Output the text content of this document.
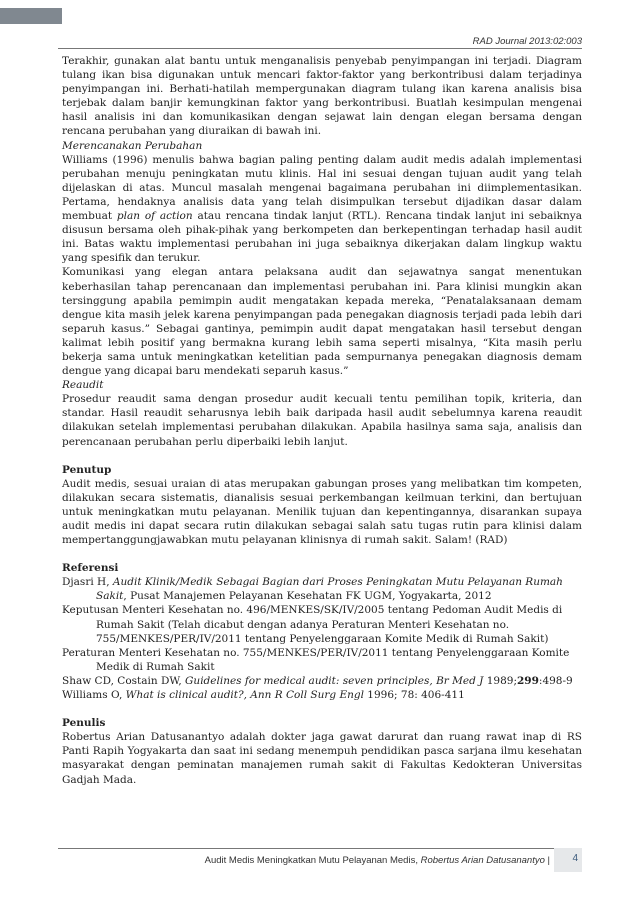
RAD Journal 2013:02:003

Terakhir, gunakan alat bantu untuk menganalisis penyebab penyimpangan ini terjadi. Diagram tulang ikan bisa digunakan untuk mencari faktor-faktor yang berkontribusi dalam terjadinya penyimpangan ini. Berhati-hatilah mempergunakan diagram tulang ikan karena analisis bisa terjebak dalam banjir kemungkinan faktor yang berkontribusi. Buatlah kesimpulan mengenai hasil analisis ini dan komunikasikan dengan sejawat lain dengan elegan bersama dengan rencana perubahan yang diuraikan di bawah ini.

Merencanakan Perubahan

Williams (1996) menulis bahwa bagian paling penting dalam audit medis adalah implementasi perubahan menuju peningkatan mutu klinis. Hal ini sesuai dengan tujuan audit yang telah dijelaskan di atas. Muncul masalah mengenai bagaimana perubahan ini diimplementasikan. Pertama, hendaknya analisis data yang telah disimpulkan tersebut dijadikan dasar dalam membuat plan of action atau rencana tindak lanjut (RTL). Rencana tindak lanjut ini sebaiknya disusun bersama oleh pihak-pihak yang berkompeten dan berkepentingan terhadap hasil audit ini. Batas waktu implementasi perubahan ini juga sebaiknya dikerjakan dalam lingkup waktu yang spesifik dan terukur.

Komunikasi yang elegan antara pelaksana audit dan sejawatnya sangat menentukan keberhasilan tahap perencanaan dan implementasi perubahan ini. Para klinisi mungkin akan tersinggung apabila pemimpin audit mengatakan kepada mereka, “Penatalaksanaan demam dengue kita masih jelek karena penyimpangan pada penegakan diagnosis terjadi pada lebih dari separuh kasus.” Sebagai gantinya, pemimpin audit dapat mengatakan hasil tersebut dengan kalimat lebih positif yang bermakna kurang lebih sama seperti misalnya, “Kita masih perlu bekerja sama untuk meningkatkan ketelitian pada sempurnanya penegakan diagnosis demam dengue yang dicapai baru mendekati separuh kasus.”

Reaudit

Prosedur reaudit sama dengan prosedur audit kecuali tentu pemilihan topik, kriteria, dan standar. Hasil reaudit seharusnya lebih baik daripada hasil audit sebelumnya karena reaudit dilakukan setelah implementasi perubahan dilakukan. Apabila hasilnya sama saja, analisis dan perencanaan perubahan perlu diperbaiki lebih lanjut.

Penutup

Audit medis, sesuai uraian di atas merupakan gabungan proses yang melibatkan tim kompeten, dilakukan secara sistematis, dianalisis sesuai perkembangan keilmuan terkini, dan bertujuan untuk meningkatkan mutu pelayanan. Menilik tujuan dan kepentingannya, disarankan supaya audit medis ini dapat secara rutin dilakukan sebagai salah satu tugas rutin para klinisi dalam mempertanggungjawabkan mutu pelayanan klinisnya di rumah sakit. Salam! (RAD)

Referensi

Djasri H, Audit Klinik/Medik Sebagai Bagian dari Proses Peningkatan Mutu Pelayanan Rumah Sakit, Pusat Manajemen Pelayanan Kesehatan FK UGM, Yogyakarta, 2012

Keputusan Menteri Kesehatan no. 496/MENKES/SK/IV/2005 tentang Pedoman Audit Medis di Rumah Sakit (Telah dicabut dengan adanya Peraturan Menteri Kesehatan no. 755/MENKES/PER/IV/2011 tentang Penyelenggaraan Komite Medik di Rumah Sakit)

Peraturan Menteri Kesehatan no. 755/MENKES/PER/IV/2011 tentang Penyelenggaraan Komite Medik di Rumah Sakit

Shaw CD, Costain DW, Guidelines for medical audit: seven principles, Br Med J 1989;299:498-9

Williams O, What is clinical audit?, Ann R Coll Surg Engl 1996; 78: 406-411

Penulis

Robertus Arian Datusanantyo adalah dokter jaga gawat darurat dan ruang rawat inap di RS Panti Rapih Yogyakarta dan saat ini sedang menempuh pendidikan pasca sarjana ilmu kesehatan masyarakat dengan peminatan manajemen rumah sakit di Fakultas Kedokteran Universitas Gadjah Mada.

Audit Medis Meningkatkan Mutu Pelayanan Medis, Robertus Arian Datusanantyo | 4
